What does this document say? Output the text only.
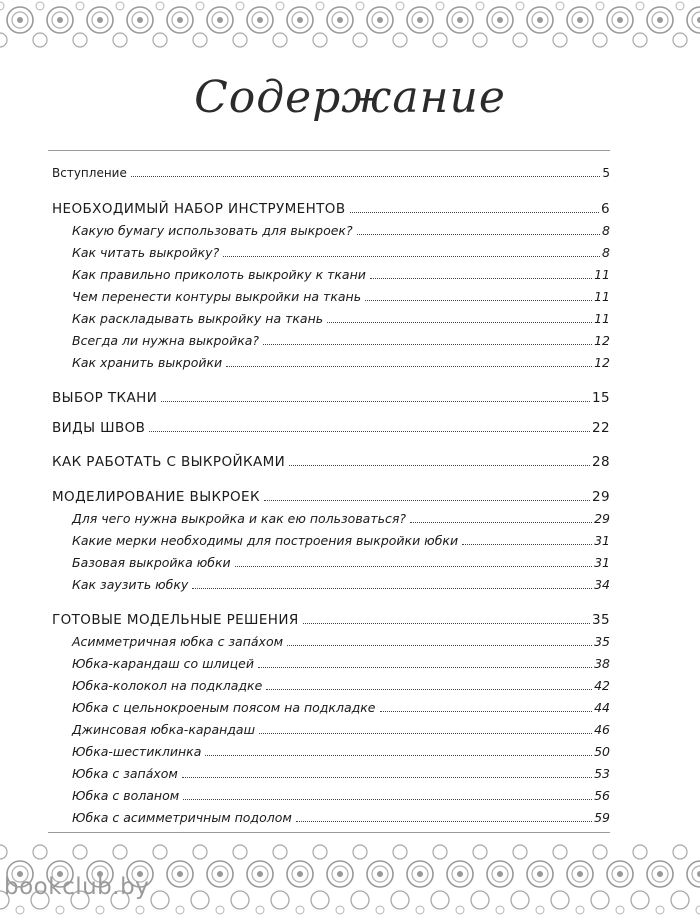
Содержание
Вступление	5
НЕОБХОДИМЫЙ НАБОР ИНСТРУМЕНТОВ	6
Какую бумагу использовать для выкроек?	8
Как читать выкройку?	8
Как правильно приколоть выкройку к ткани	11
Чем перенести контуры выкройки на ткань	11
Как раскладывать выкройку на ткань	11
Всегда ли нужна выкройка?	12
Как хранить выкройки	12
ВЫБОР ТКАНИ	15
ВИДЫ ШВОВ	22
КАК РАБОТАТЬ С ВЫКРОЙКАМИ	28
МОДЕЛИРОВАНИЕ ВЫКРОЕК	29
Для чего нужна выкройка и как ею пользоваться?	29
Какие мерки необходимы для построения выкройки юбки	31
Базовая выкройка юбки	31
Как заузить юбку	34
ГОТОВЫЕ МОДЕЛЬНЫЕ РЕШЕНИЯ	35
Асимметричная юбка с запа́хом	35
Юбка-карандаш со шлицей	38
Юбка-колокол на подкладке	42
Юбка с цельнокроеным поясом на подкладке	44
Джинсовая юбка-карандаш	46
Юбка-шестиклинка	50
Юбка с запа́хом	53
Юбка с воланом	56
Юбка с асимметричным подолом	59
bookclub.by
